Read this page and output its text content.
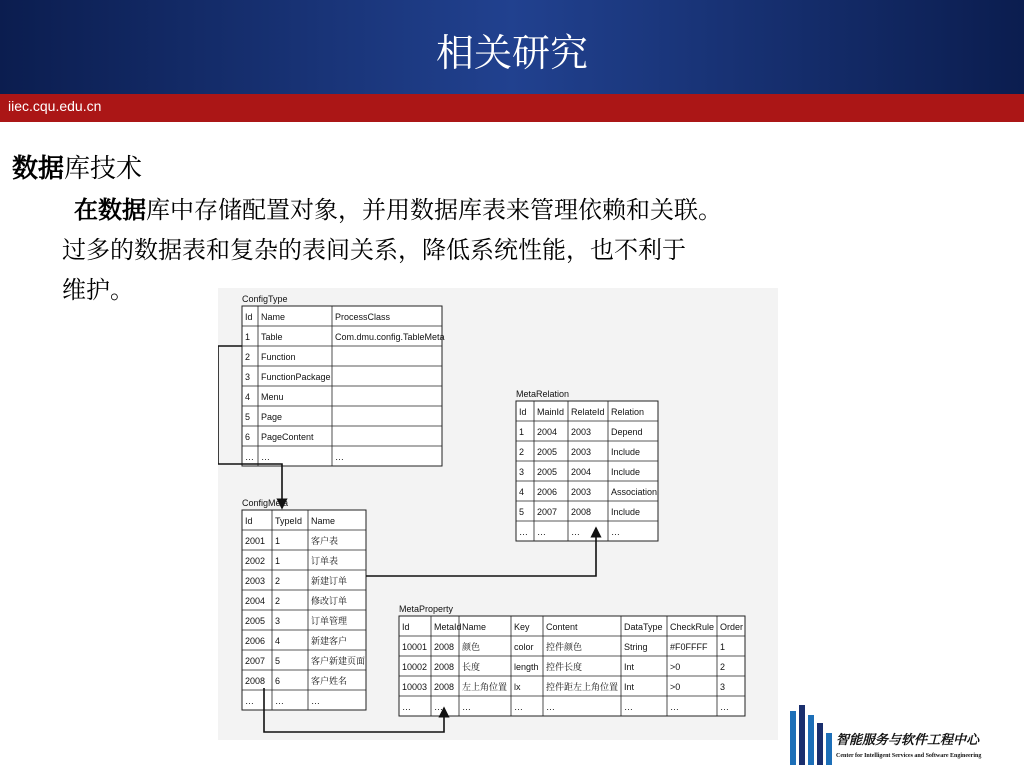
相关研究
iiec.cqu.edu.cn
数据库技术
在数据库中存储配置对象，并用数据库表来管理依赖和关联。
过多的数据表和复杂的表间关系，降低系统性能，也不利于
维护。	ConfigType
Id Name	ProcessClass
1 Table	Com.dmu.config.TableMeta
2 Function
3 FunctionPackage
4 Menu
5 Page
6 PageContent
… …	…
MetaRelation
Id MainId RelateId Relation
1 2004 2003 Depend
2 2005 2003 Include
3 2005 2004 Include
4 2006 2003 Association
5 2007 2008 Include
… …	…	…
ConfigMeta
Id TypeId Name
2001 1	客户表
2002 1	订单表
2003 2	新建订单
2004 2	修改订单
2005 3	订单管理
2006 4	新建客户
2007 5	客户新建页面
2008 6	客户姓名
… …	…
MetaProperty
Id	MetaId Name	Key Content	DataType CheckRule Order
10001 2008 颜色	color 控件颜色	String #F0FFFF 1
10002 2008 长度	length 控件长度	Int	>0	2
10003 2008 左上角位置 lx	控件距左上角位置 Int	>0	3
…	… …	…	…	…	…	…
智能服务与软件工程中心
Center for Intelligent Services and Software Engineering
